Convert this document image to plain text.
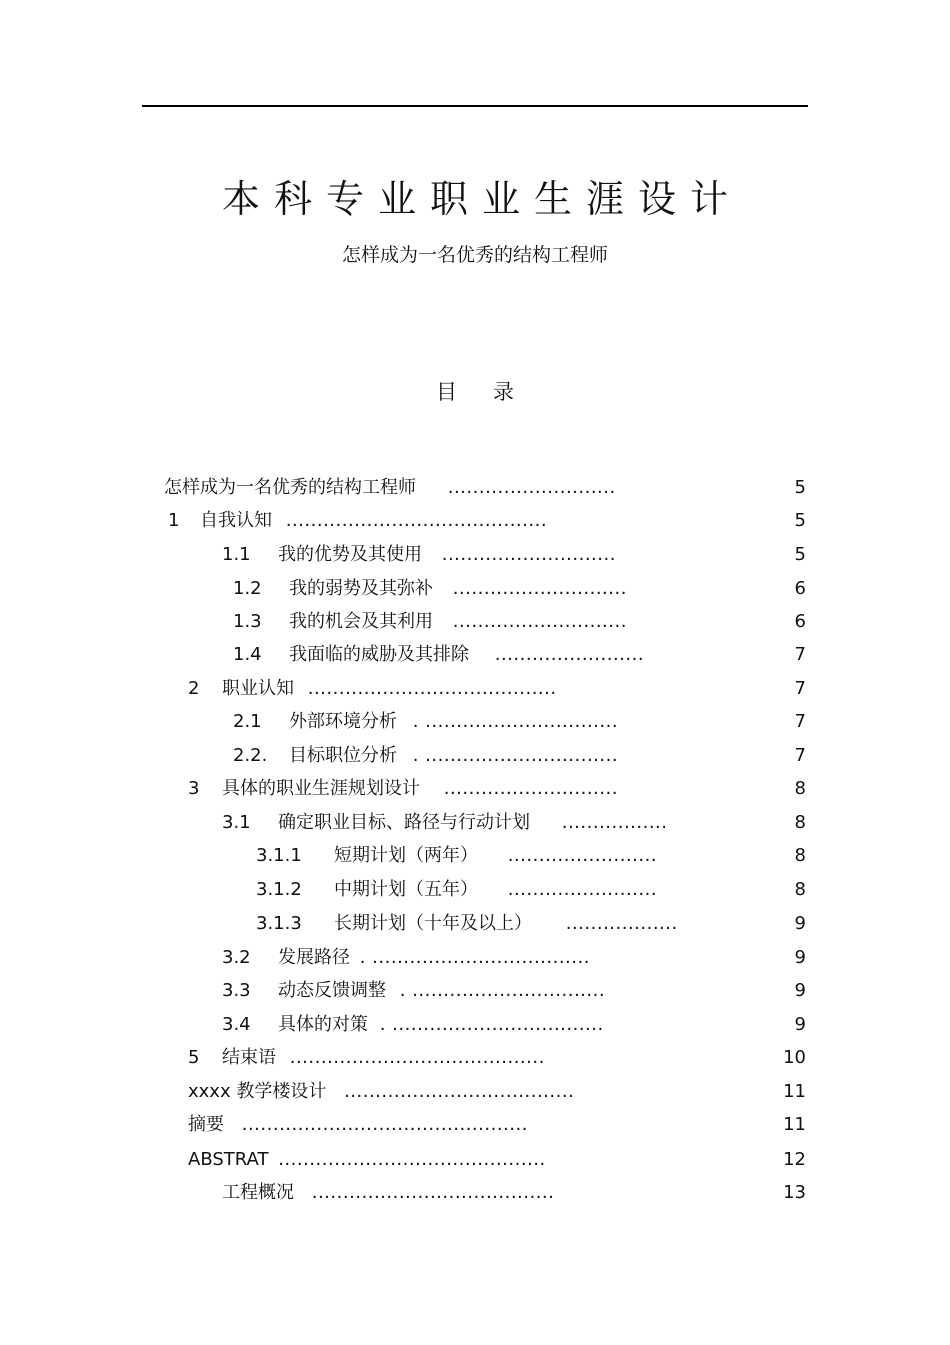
本科专业职业生涯设计
怎样成为一名优秀的结构工程师
目录
怎样成为一名优秀的结构工程师 ...........................	5
1 自我认知 ..........................................	5
1.1 我的优势及其使用 ............................	5
1.2 我的弱势及其弥补 ............................	6
1.3 我的机会及其利用 ............................	6
1.4 我面临的威胁及其排除 ........................	7
2 职业认知 ........................................	7
2.1 外部环境分析 . ...............................	7
2.2. 目标职位分析 . ...............................	7
3 具体的职业生涯规划设计 ............................	8
3.1 确定职业目标、路径与行动计划 .................	8
3.1.1 短期计划（两年） ........................	8
3.1.2 中期计划（五年） ........................	8
3.1.3 长期计划（十年及以上） ..................	9
3.2 发展路径 . ...................................	9
3.3 动态反馈调整 . ...............................	9
3.4 具体的对策 . ..................................	9
5 结束语 .........................................	10
xxxx 教学楼设计 .....................................	11
摘要 ..............................................	11
ABSTRAT ...........................................	12
工程概况 .......................................	13
